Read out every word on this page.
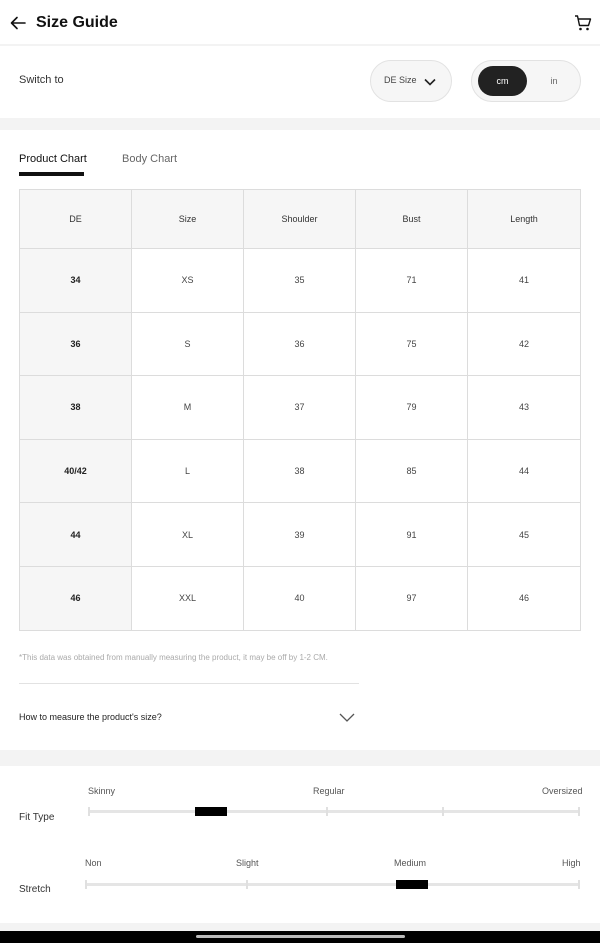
Size Guide
Switch to	DE Size	cm	in
Product Chart	Body Chart
DE	Size	Shoulder	Bust	Length
34	XS	35	71	41
36	S	36	75	42
38	M	37	79	43
40/42	L	38	85	44
44	XL	39	91	45
46	XXL	40	97	46
*This data was obtained from manually measuring the product, it may be off by 1-2 CM.
How to measure the product's size?
Skinny	Regular	Oversized
Fit Type
Non	Slight	Medium	High
Stretch
